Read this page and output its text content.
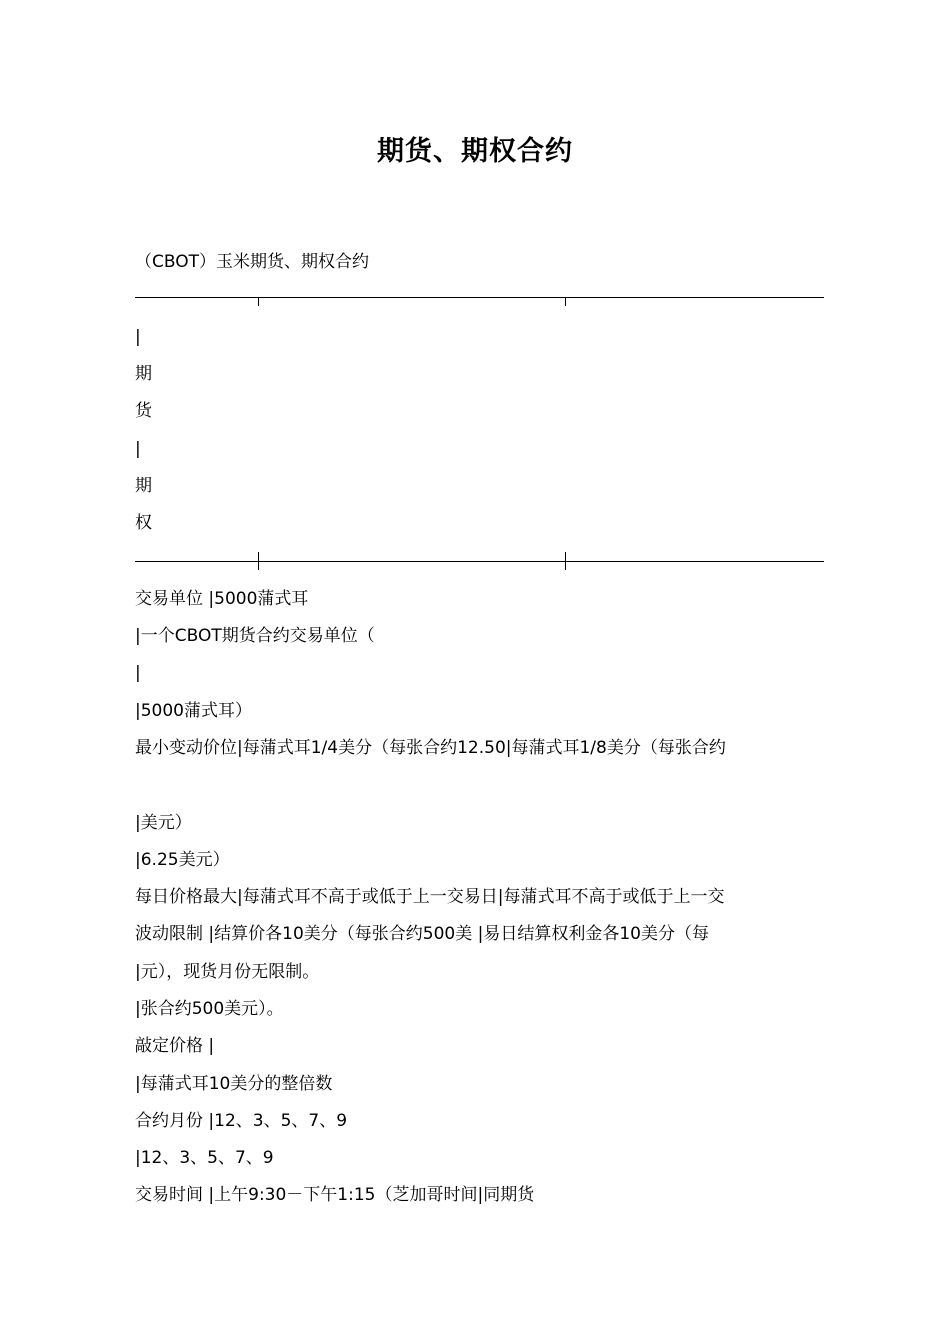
期货、期权合约
（CBOT）玉米期货、期权合约
|
期
货
|
期
权
交易单位 |5000蒲式耳
|一个CBOT期货合约交易单位（
|
|5000蒲式耳）
最小变动价位|每蒲式耳1/4美分（每张合约12.50|每蒲式耳1/8美分（每张合约
|美元）
|6.25美元）
每日价格最大|每蒲式耳不高于或低于上一交易日|每蒲式耳不高于或低于上一交
波动限制 |结算价各10美分（每张合约500美 |易日结算权利金各10美分（每
|元），现货月份无限制。
|张合约500美元）。
敲定价格 |
|每蒲式耳10美分的整倍数
合约月份 |12、3、5、7、9
|12、3、5、7、9
交易时间 |上午9:30－下午1:15（芝加哥时间|同期货
